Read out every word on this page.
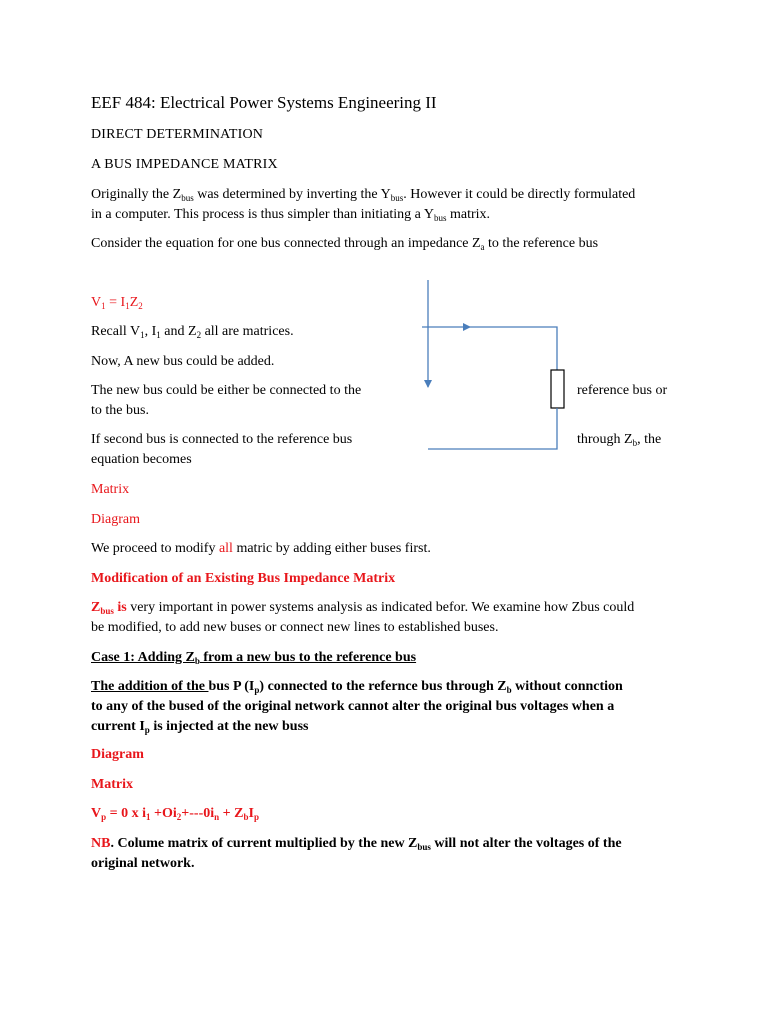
EEF 484: Electrical Power Systems Engineering II
DIRECT DETERMINATION
A BUS IMPEDANCE MATRIX
Originally the $Z_{bus}$ was determined by inverting the $Y_{bus}$. However it could be directly formulated
in a computer. This process is thus simpler than initiating a $Y_{bus}$ matrix.
Consider the equation for one bus connected through an impedance $Z_a$ to the reference bus
$V_1 = I_1Z_2$
Recall $V_1$, $I_1$ and $Z_2$ all are matrices.
Now, A new bus could be added.
The new bus could be either be connected to the	reference bus or
to the bus.
If second bus is connected to the reference bus	through $Z_b$, the
equation becomes
Matrix
Diagram
We proceed to modify all matric by adding either buses first.
Modification of an Existing Bus Impedance Matrix
$Z_{bus}$ is very important in power systems analysis as indicated befor. We examine how Zbus could
be modified, to add new buses or connect new lines to established buses.
Case 1: Adding $Z_b$ from a new bus to the reference bus
The addition of the bus P $(I_p)$ connected to the refernce bus through $Z_b$ without connction
to any of the bused of the original network cannot alter the original bus voltages when a
current $I_p$ is injected at the new buss
Diagram
Matrix
$V_p = 0$ x $i_1 +Oi_2+---0i_n + Z_bI_p$
NB. Colume matrix of current multiplied by the new $Z_{bus}$ will not alter the voltages of the
original network.
